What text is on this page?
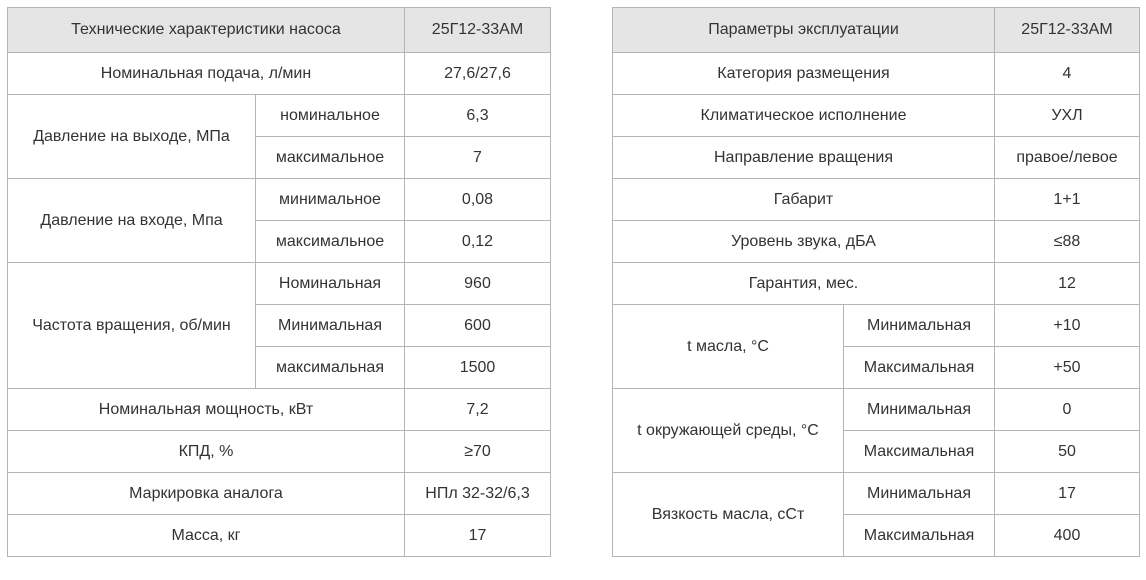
Технические характеристики насоса		25Г12-33АМ
Номинальная подача, л/мин		27,6/27,6
Давление на выходе, МПа	номинальное	6,3
	максимальное	7
Давление на входе, Мпа	минимальное	0,08
	максимальное	0,12
Частота вращения, об/мин	Номинальная	960
	Минимальная	600
	максимальная	1500
Номинальная мощность, кВт		7,2
КПД, %		≥70
Маркировка аналога		НПл 32-32/6,3
Масса, кг		17
Параметры эксплуатации		25Г12-33АМ
Категория размещения		4
Климатическое исполнение		УХЛ
Направление вращения		правое/левое
Габарит		1+1
Уровень звука, дБА		≤88
Гарантия, мес.		12
t масла, °C	Минимальная	+10
	Максимальная	+50
t окружающей среды, °C	Минимальная	0
	Максимальная	50
Вязкость масла, сСт	Минимальная	17
	Максимальная	400
